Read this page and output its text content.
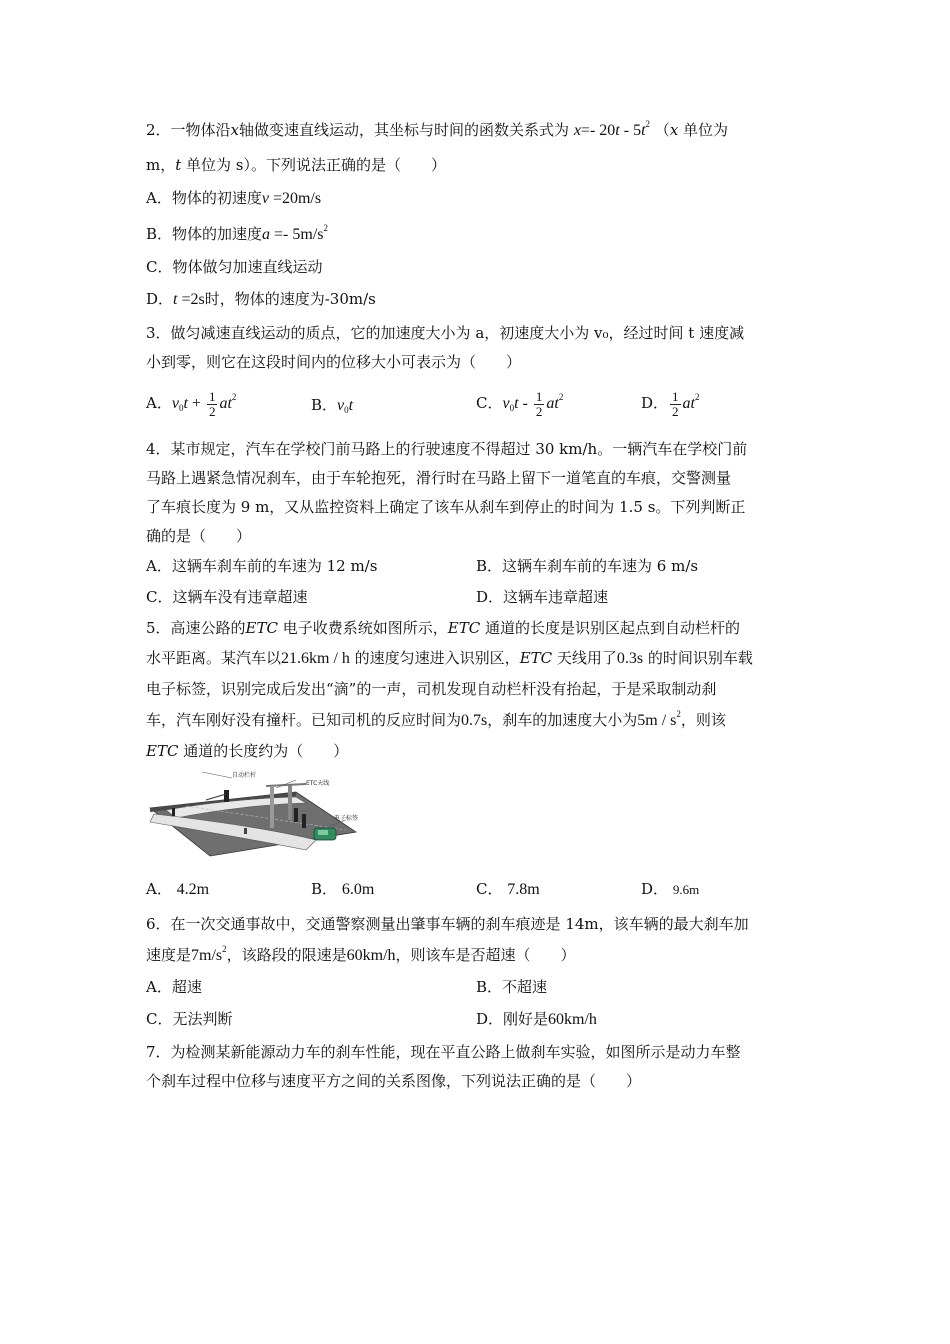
2．一物体沿x轴做变速直线运动，其坐标与时间的函数关系式为 x=- $20t - 5t^2$ （x 单位为
m，t 单位为 s）。下列说法正确的是（　　）
A．物体的初速度v =20m/s
B．物体的加速度$a =- 5m/s^2$
C．物体做匀加速直线运动
D．t =2s时，物体的速度为-30m/s
3．做匀减速直线运动的质点，它的加速度大小为 a，初速度大小为 v₀，经过时间 t 速度减
小到零，则它在这段时间内的位移大小可表示为（　　）
A．$v_0t + \frac{1}{2} at^2$	B．$v_0t$	C．$v_0t - \frac{1}{2} at^2$	D． $\frac{1}{2} at^2$
4．某市规定，汽车在学校门前马路上的行驶速度不得超过 30 km/h。一辆汽车在学校门前
马路上遇紧急情况刹车，由于车轮抱死，滑行时在马路上留下一道笔直的车痕，交警测量
了车痕长度为 9 m，又从监控资料上确定了该车从刹车到停止的时间为 1.5 s。下列判断正
确的是（　　）
A．这辆车刹车前的车速为 12 m/s	B．这辆车刹车前的车速为 6 m/s
C．这辆车没有违章超速	D．这辆车违章超速
5．高速公路的ETC 电子收费系统如图所示，ETC 通道的长度是识别区起点到自动栏杆的
水平距离。某汽车以21.6km / h 的速度匀速进入识别区，ETC 天线用了0.3s 的时间识别车载
电子标签，识别完成后发出“滴”的一声，司机发现自动栏杆没有抬起，于是采取制动刹
车，汽车刚好没有撞杆。已知司机的反应时间为0.7s，刹车的加速度大小为$5m / s^2$，则该
ETC 通道的长度约为（　　）
自动栏杆
ETC天线
电子标签
A． 4.2m	B． 6.0m	C． 7.8m	D． 9.6m
6．在一次交通事故中，交通警察测量出肇事车辆的刹车痕迹是 14m，该车辆的最大刹车加
速度是$7m/s^2$，该路段的限速是60km/h，则该车是否超速（　　）
A．超速	B．不超速
C．无法判断	D．刚好是60km/h
7．为检测某新能源动力车的刹车性能，现在平直公路上做刹车实验，如图所示是动力车整
个刹车过程中位移与速度平方之间的关系图像，下列说法正确的是（　　）
